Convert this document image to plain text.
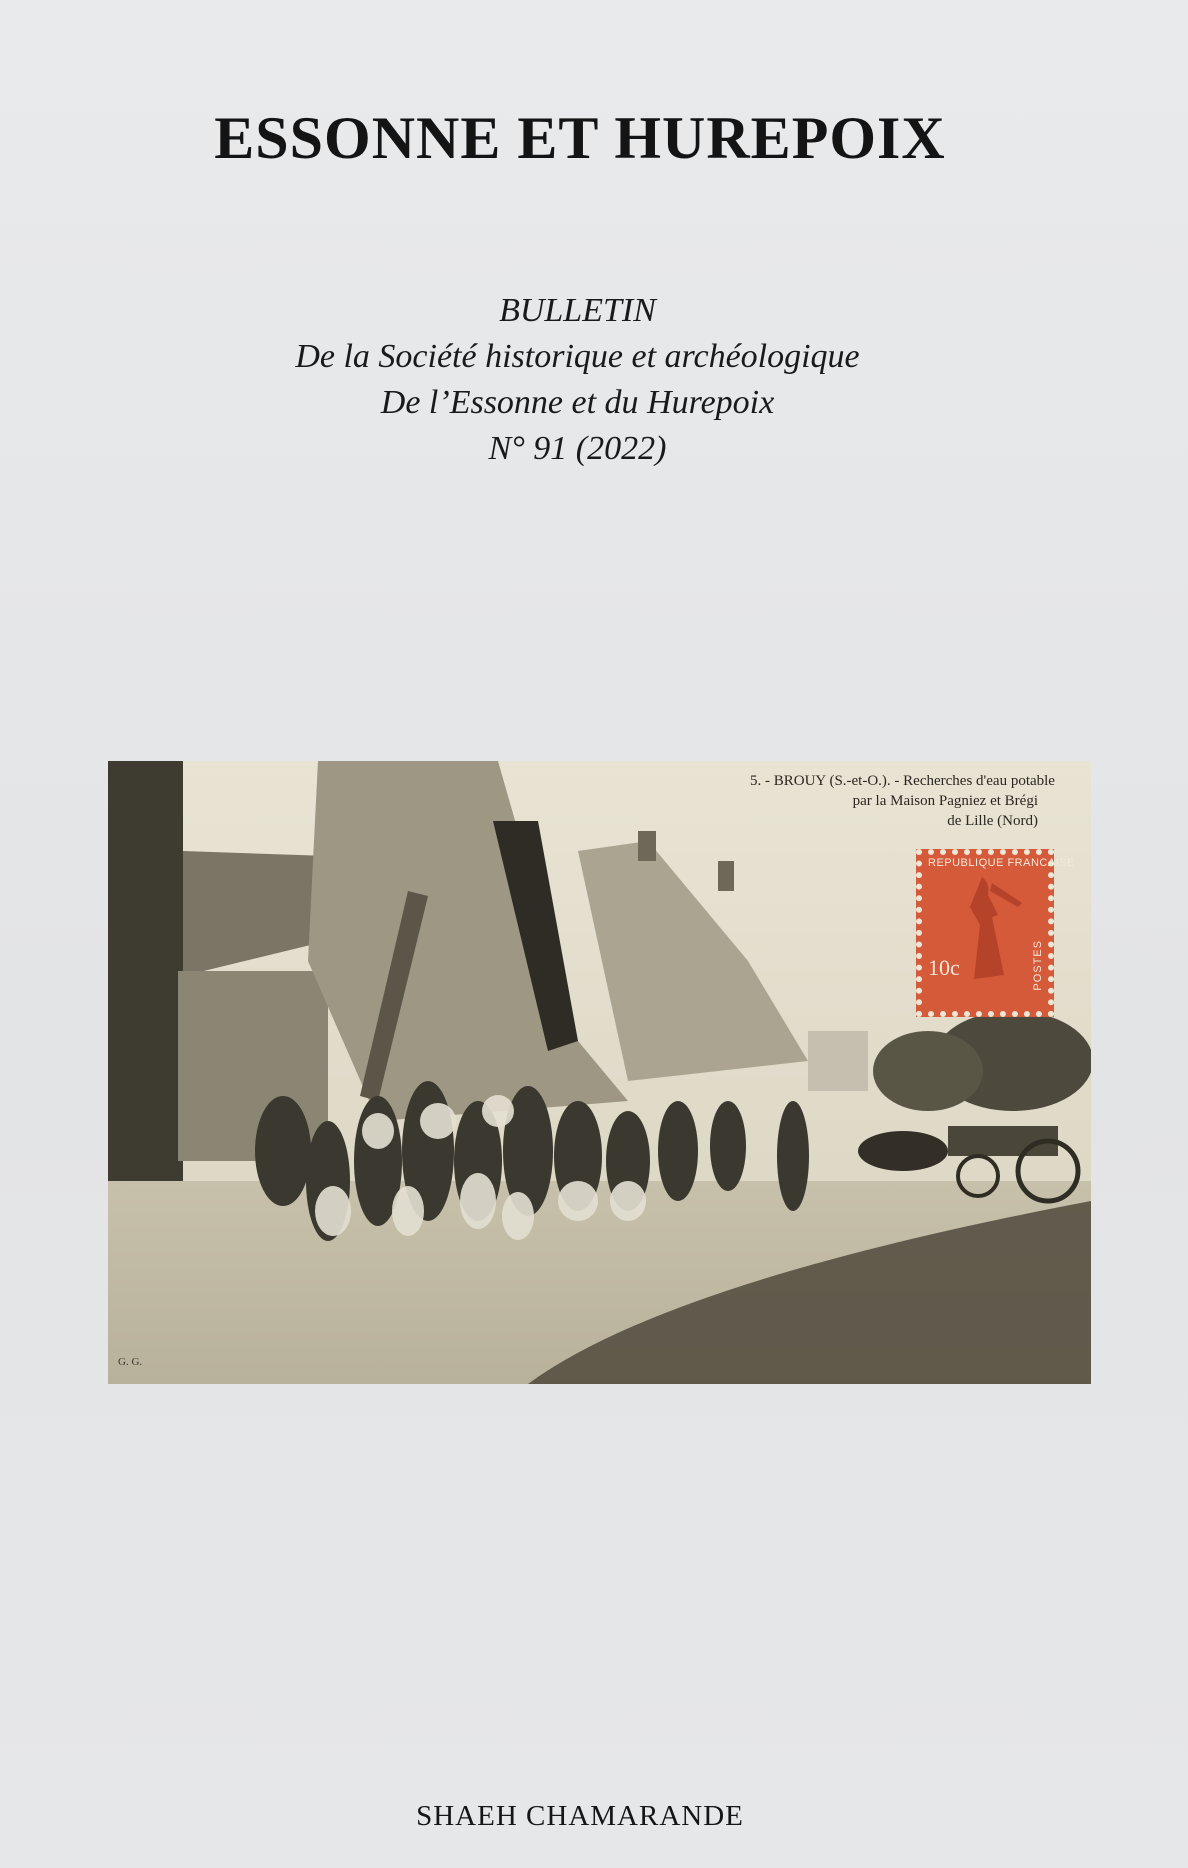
ESSONNE ET HUREPOIX
BULLETIN
De la Société historique et archéologique
De l’Essonne et du Hurepoix
N° 91 (2022)
5. - BROUY (S.-et-O.). - Recherches d'eau potable
par la Maison Pagniez et Brégi
de Lille (Nord)
REPUBLIQUE FRANCAISE
10c	POSTES
G. G.
SHAEH CHAMARANDE
